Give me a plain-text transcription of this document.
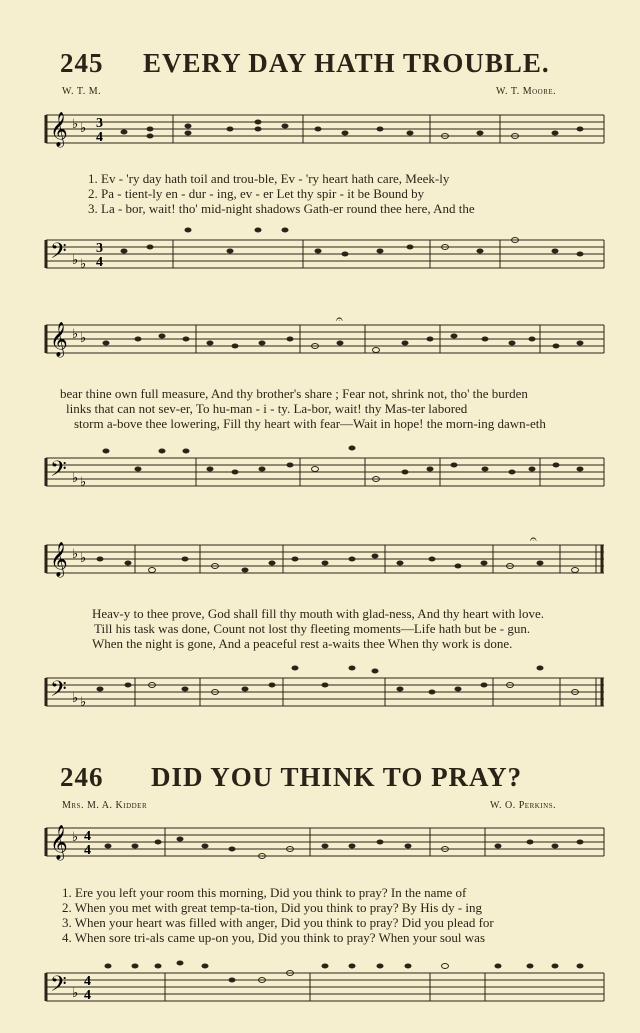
245 EVERY DAY HATH TROUBLE.
W. T. M.	W. T. Moore.
𝄞 ♭ ♭ 3
4
1. Ev - 'ry day hath toil and trou-ble, Ev - 'ry heart hath care, Meek-ly
2. Pa - tient-ly en - dur - ing, ev - er Let thy spir - it be Bound by
3. La - bor, wait! tho' mid-night shadows Gath-er round thee here, And the
𝄢 ♭ ♭
3
4
𝄞 ♭ ♭
𝄐
bear thine own full measure, And thy brother's share ; Fear not, shrink not, tho' the burden
links that can not sev-er, To hu-man - i - ty. La-bor, wait! thy Mas-ter labored
storm a-bove thee lowering, Fill thy heart with fear—Wait in hope! the morn-ing dawn-eth
𝄢 ♭ ♭
𝄞 ♭ ♭
𝄐
Heav-y to thee prove, God shall fill thy mouth with glad-ness, And thy heart with love.
Till his task was done, Count not lost thy fleeting moments—Life hath but be - gun.
When the night is gone, And a peaceful rest a-waits thee When thy work is done.
𝄢 ♭ ♭
246 DID YOU THINK TO PRAY?
Mrs. M. A. Kidder	W. O. Perkins.
𝄞 ♭ 4
4
1. Ere you left your room this morning, Did you think to pray? In the name of
2. When you met with great temp-ta-tion, Did you think to pray? By His dy - ing
3. When your heart was filled with anger, Did you think to pray? Did you plead for
4. When sore tri-als came up-on you, Did you think to pray? When your soul was
𝄢 ♭
4
4
